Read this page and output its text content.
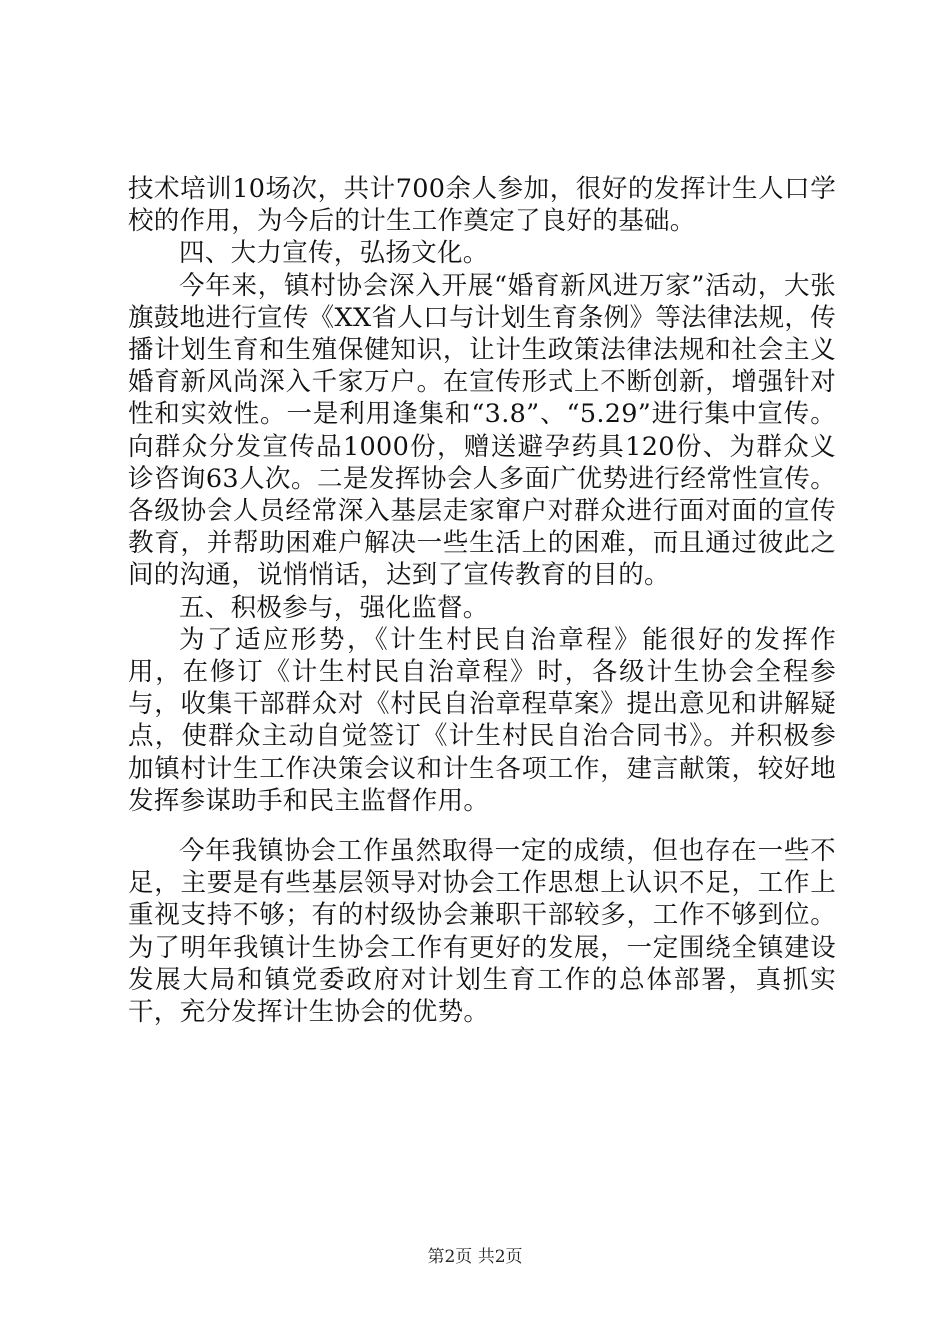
技术培训10场次，共计700余人参加，很好的发挥计生人口学校的作用，为今后的计生工作奠定了良好的基础。

四、大力宣传，弘扬文化。

今年来，镇村协会深入开展“婚育新风进万家”活动，大张旗鼓地进行宣传《XX省人口与计划生育条例》等法律法规，传播计划生育和生殖保健知识，让计生政策法律法规和社会主义婚育新风尚深入千家万户。在宣传形式上不断创新，增强针对性和实效性。一是利用逢集和“3.8”、“5.29”进行集中宣传。向群众分发宣传品1000份，赠送避孕药具120份、为群众义诊咨询63人次。二是发挥协会人多面广优势进行经常性宣传。各级协会人员经常深入基层走家窜户对群众进行面对面的宣传教育，并帮助困难户解决一些生活上的困难，而且通过彼此之间的沟通，说悄悄话，达到了宣传教育的目的。

五、积极参与，强化监督。

为了适应形势，《计生村民自治章程》能很好的发挥作用，在修订《计生村民自治章程》时，各级计生协会全程参与，收集干部群众对《村民自治章程草案》提出意见和讲解疑点，使群众主动自觉签订《计生村民自治合同书》。并积极参加镇村计生工作决策会议和计生各项工作，建言献策，较好地发挥参谋助手和民主监督作用。

今年我镇协会工作虽然取得一定的成绩，但也存在一些不足，主要是有些基层领导对协会工作思想上认识不足，工作上重视支持不够；有的村级协会兼职干部较多，工作不够到位。为了明年我镇计生协会工作有更好的发展，一定围绕全镇建设发展大局和镇党委政府对计划生育工作的总体部署，真抓实干，充分发挥计生协会的优势。

第2页 共2页
